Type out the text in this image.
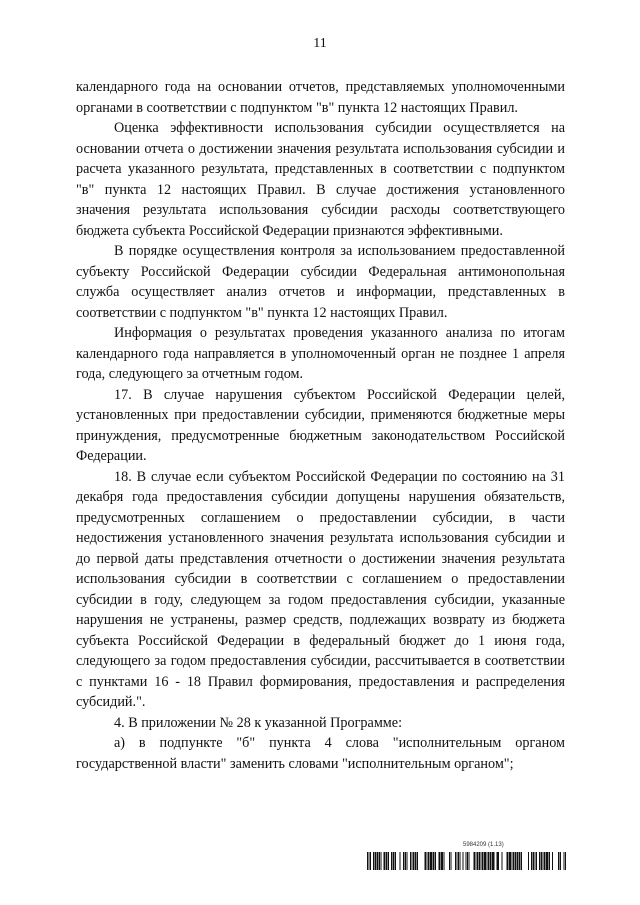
11

календарного года на основании отчетов, представляемых уполномоченными органами в соответствии с подпунктом "в" пункта 12 настоящих Правил.

Оценка эффективности использования субсидии осуществляется на основании отчета о достижении значения результата использования субсидии и расчета указанного результата, представленных в соответствии с подпунктом "в" пункта 12 настоящих Правил. В случае достижения установленного значения результата использования субсидии расходы соответствующего бюджета субъекта Российской Федерации признаются эффективными.

В порядке осуществления контроля за использованием предоставленной субъекту Российской Федерации субсидии Федеральная антимонопольная служба осуществляет анализ отчетов и информации, представленных в соответствии с подпунктом "в" пункта 12 настоящих Правил.

Информация о результатах проведения указанного анализа по итогам календарного года направляется в уполномоченный орган не позднее 1 апреля года, следующего за отчетным годом.

17. В случае нарушения субъектом Российской Федерации целей, установленных при предоставлении субсидии, применяются бюджетные меры принуждения, предусмотренные бюджетным законодательством Российской Федерации.

18. В случае если субъектом Российской Федерации по состоянию на 31 декабря года предоставления субсидии допущены нарушения обязательств, предусмотренных соглашением о предоставлении субсидии, в части недостижения установленного значения результата использования субсидии и до первой даты представления отчетности о достижении значения результата использования субсидии в соответствии с соглашением о предоставлении субсидии в году, следующем за годом предоставления субсидии, указанные нарушения не устранены, размер средств, подлежащих возврату из бюджета субъекта Российской Федерации в федеральный бюджет до 1 июня года, следующего за годом предоставления субсидии, рассчитывается в соответствии с пунктами 16 - 18 Правил формирования, предоставления и распределения субсидий.".

4. В приложении № 28 к указанной Программе:

а) в подпункте "б" пункта 4 слова "исполнительным органом государственной власти" заменить словами "исполнительным органом";

5984209 (1.13)
